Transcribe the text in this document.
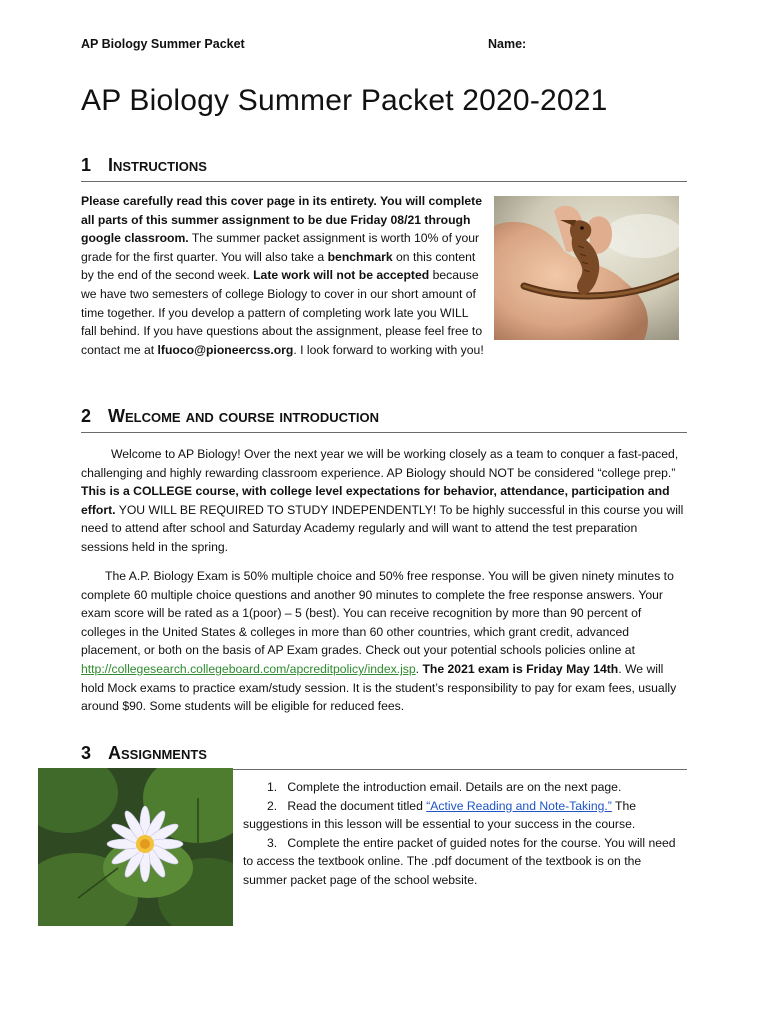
AP Biology Summer Packet	Name:
AP Biology Summer Packet 2020-2021
1 Instructions

Please carefully read this cover page in its entirety. You will complete all parts of this summer assignment to be due Friday 08/21 through google classroom. The summer packet assignment is worth 10% of your grade for the first quarter. You will also take a benchmark on this content by the end of the second week. Late work will not be accepted because we have two semesters of college Biology to cover in our short amount of time together. If you develop a pattern of completing work late you WILL fall behind. If you have questions about the assignment, please feel free to contact me at lfuoco@pioneercss.org. I look forward to working with you!

2 Welcome and course introduction

Welcome to AP Biology! Over the next year we will be working closely as a team to conquer a fast-paced, challenging and highly rewarding classroom experience. AP Biology should NOT be considered “college prep.” This is a COLLEGE course, with college level expectations for behavior, attendance, participation and effort. YOU WILL BE REQUIRED TO STUDY INDEPENDENTLY! To be highly successful in this course you will need to attend after school and Saturday Academy regularly and will want to attend the test preparation sessions held in the spring.

The A.P. Biology Exam is 50% multiple choice and 50% free response. You will be given ninety minutes to complete 60 multiple choice questions and another 90 minutes to complete the free response answers. Your exam score will be rated as a 1(poor) – 5 (best). You can receive recognition by more than 90 percent of colleges in the United States & colleges in more than 60 other countries, which grant credit, advanced placement, or both on the basis of AP Exam grades. Check out your potential schools policies online at http://collegesearch.collegeboard.com/apcreditpolicy/index.jsp. The 2021 exam is Friday May 14th. We will hold Mock exams to practice exam/study session. It is the student’s responsibility to pay for exam fees, usually around $90. Some students will be eligible for reduced fees.

3 Assignments
1. Complete the introduction email. Details are on the next page.
2. Read the document titled “Active Reading and Note-Taking.” The suggestions in this lesson will be essential to your success in the course.
3. Complete the entire packet of guided notes for the course. You will need to access the textbook online. The .pdf document of the textbook is on the summer packet page of the school website.
